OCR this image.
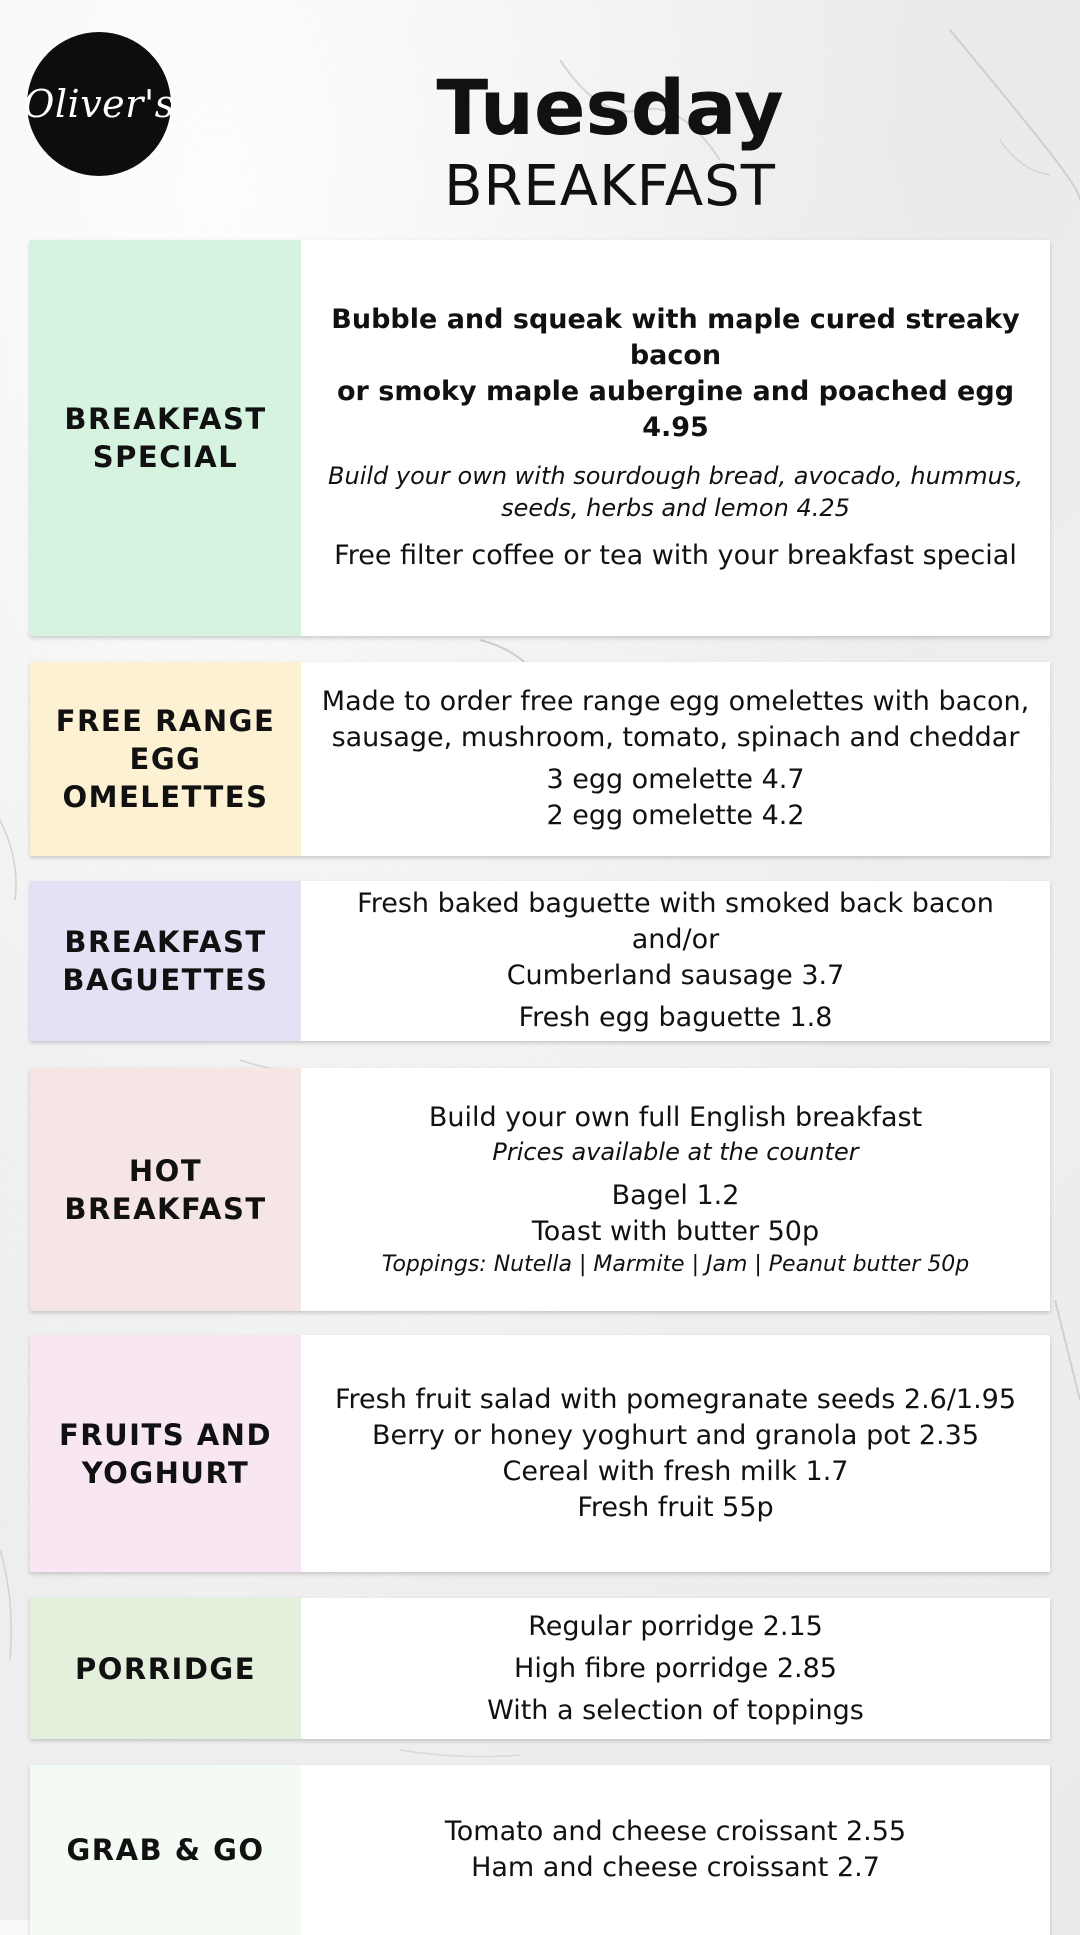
Oliver's	Tuesday
BREAKFAST
BREAKFAST SPECIAL
Bubble and squeak with maple cured streaky bacon
or smoky maple aubergine and poached egg 4.95
Build your own with sourdough bread, avocado, hummus,
seeds, herbs and lemon 4.25
Free filter coffee or tea with your breakfast special
FREE RANGE EGG OMELETTES
Made to order free range egg omelettes with bacon,
sausage, mushroom, tomato, spinach and cheddar
3 egg omelette 4.7
2 egg omelette 4.2
BREAKFAST BAGUETTES
Fresh baked baguette with smoked back bacon and/or
Cumberland sausage 3.7
Fresh egg baguette 1.8
HOT BREAKFAST
Build your own full English breakfast
Prices available at the counter
Bagel 1.2
Toast with butter 50p
Toppings: Nutella | Marmite | Jam | Peanut butter 50p
FRUITS AND YOGHURT
Fresh fruit salad with pomegranate seeds 2.6/1.95
Berry or honey yoghurt and granola pot 2.35
Cereal with fresh milk 1.7
Fresh fruit 55p
PORRIDGE
Regular porridge 2.15
High fibre porridge 2.85
With a selection of toppings
GRAB & GO
Tomato and cheese croissant 2.55
Ham and cheese croissant 2.7
